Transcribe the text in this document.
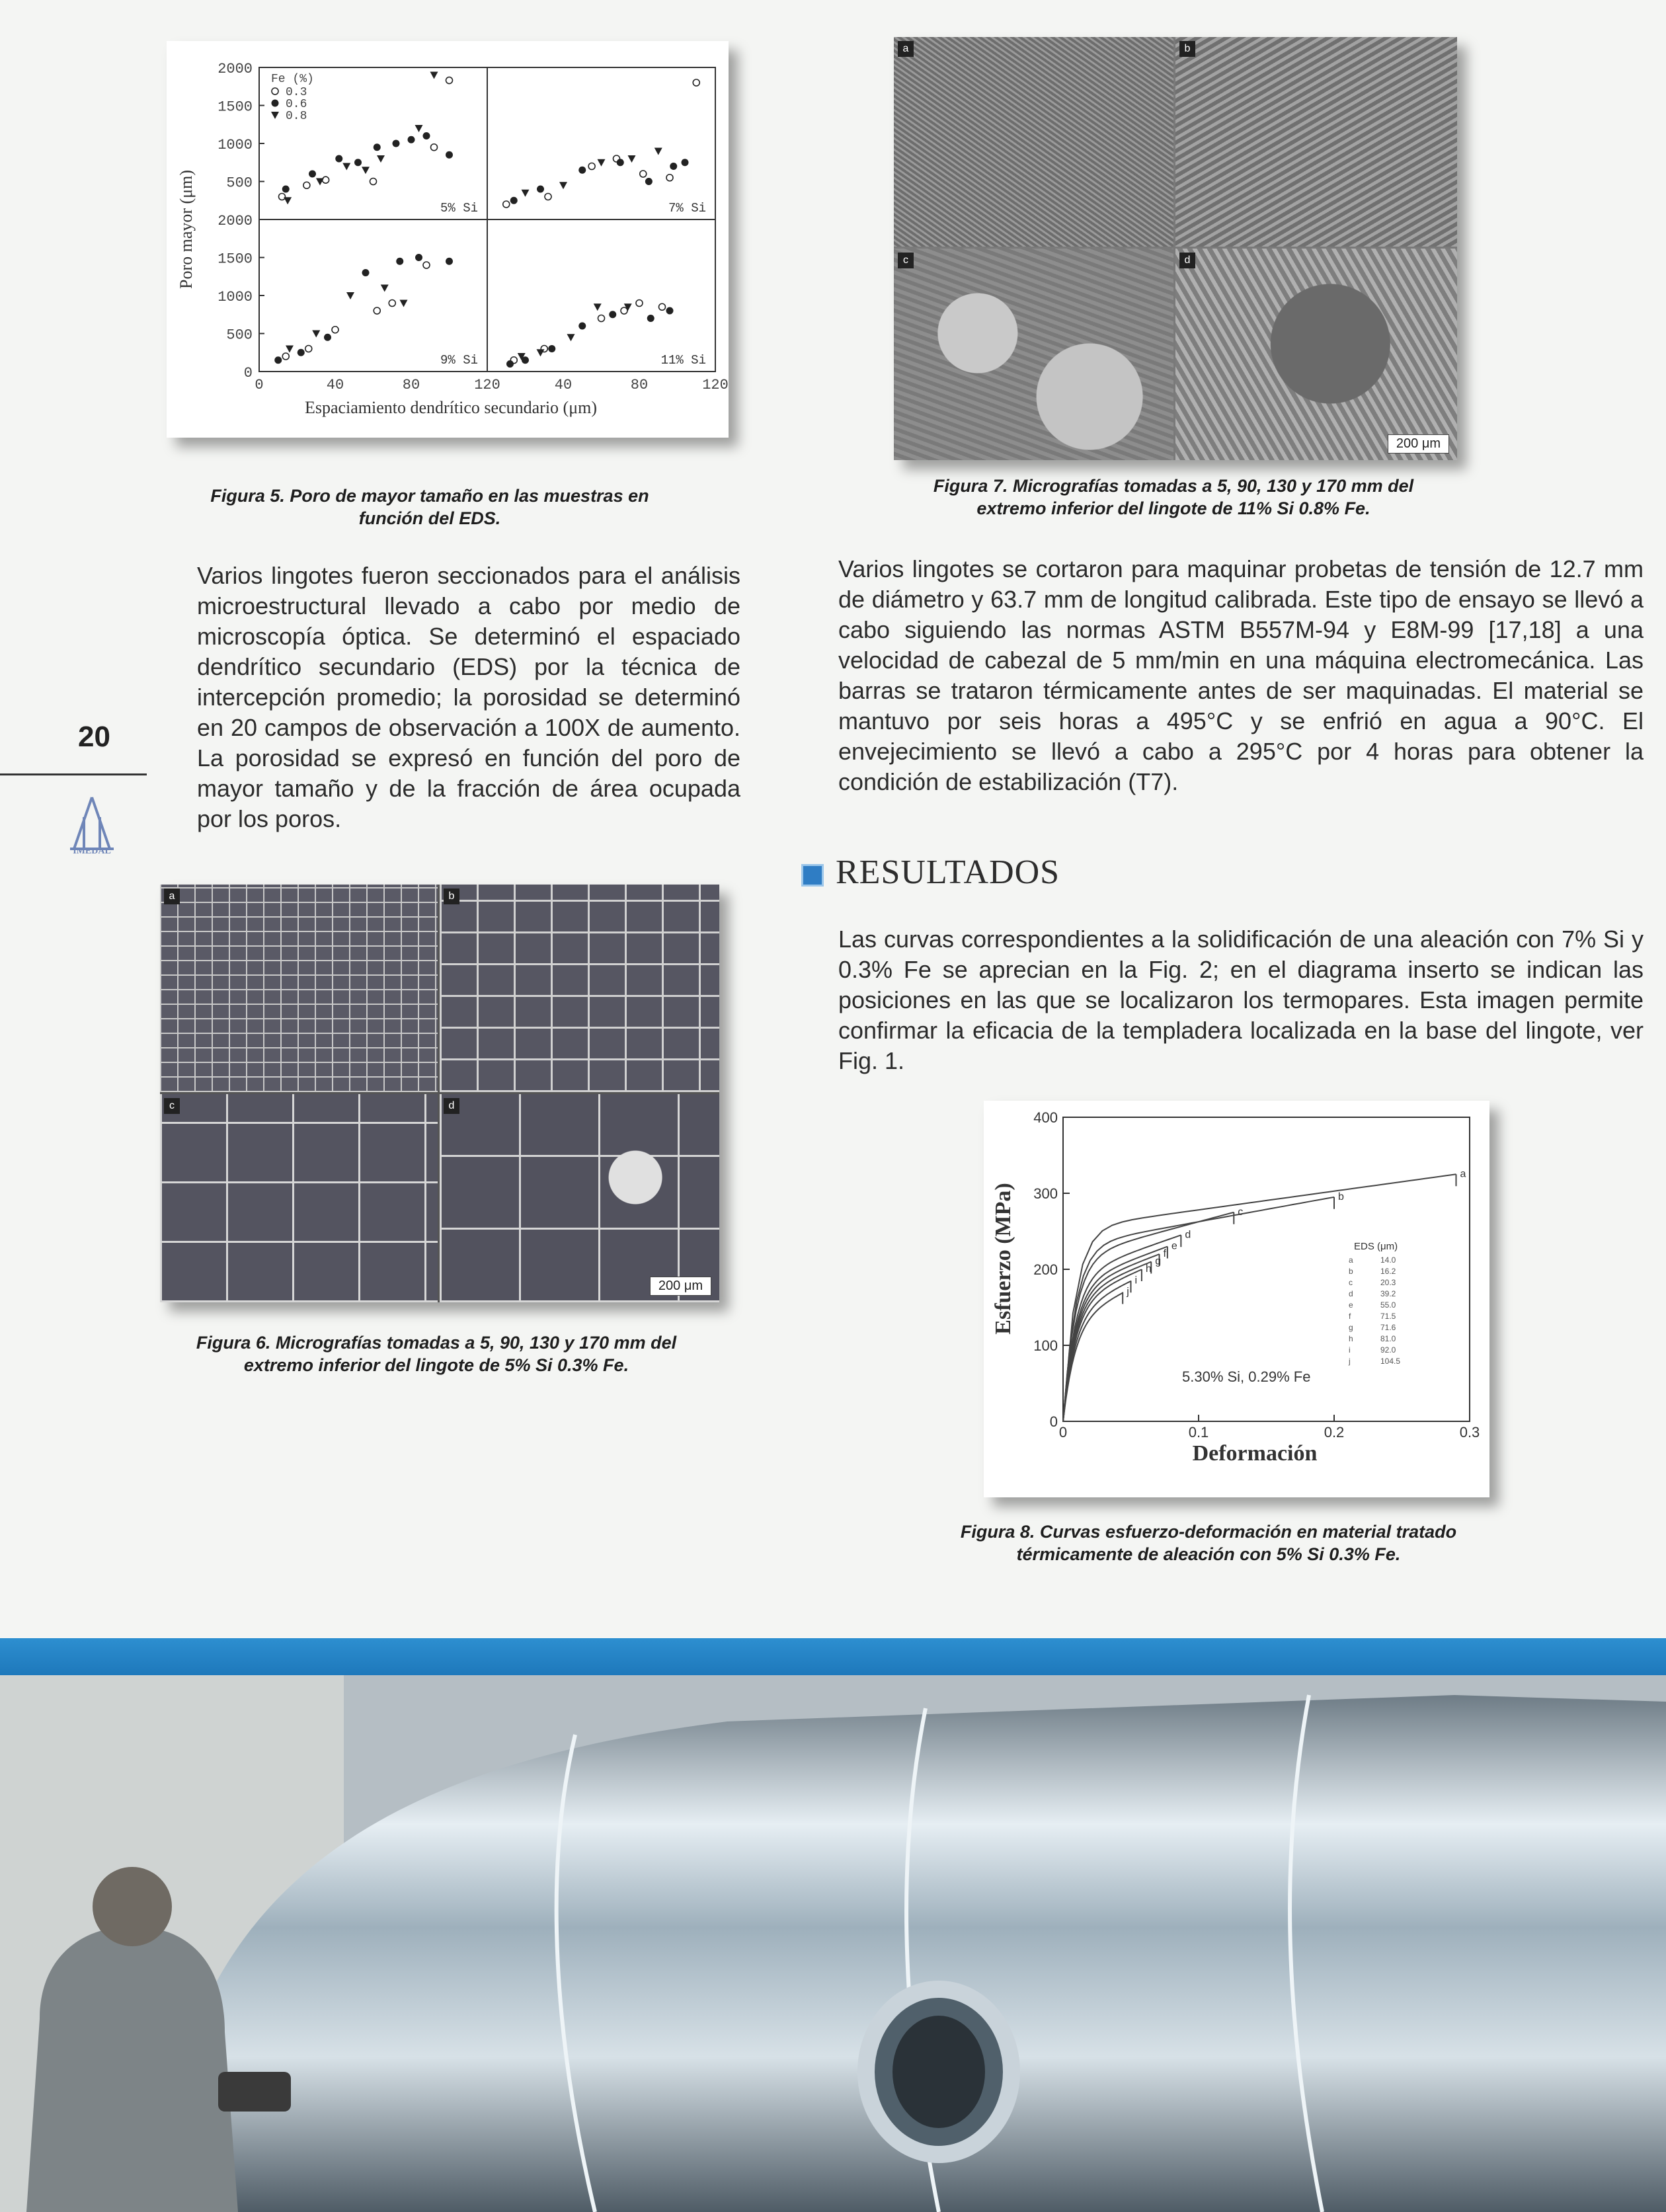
20
IMEDAL
2000
1500
1000
500
2000
1500
1000
500
0
0	40	80	120	40	80	120
Fe (%)
0.3
0.6
0.8
5% Si	7% Si
9% Si	11% Si
Poro mayor (μm)
Espaciamiento dendrítico secundario (μm)
Figura 5. Poro de mayor tamaño en las muestras en función del EDS.
a	b
c	d
200 μm
Figura 7. Micrografías tomadas a 5, 90, 130 y 170 mm del extremo inferior del lingote de 11% Si 0.8% Fe.
Varios lingotes fueron seccionados para el análisis microestructural llevado a cabo por medio de microscopía óptica. Se determinó el espaciado dendrítico secundario (EDS) por la técnica de intercepción promedio; la porosidad se determinó en 20 campos de observación a 100X de aumento. La porosidad se expresó en función del poro de mayor tamaño y de la fracción de área ocupada por los poros.
Varios lingotes se cortaron para maquinar probetas de tensión de 12.7 mm de diámetro y 63.7 mm de longitud calibrada. Este tipo de ensayo se llevó a cabo siguiendo las normas ASTM B557M-94 y E8M-99 [17,18] a una velocidad de cabezal de 5 mm/min en una máquina electromecánica. Las barras se trataron térmicamente antes de ser maquinadas. El material se mantuvo por seis horas a 495°C y se enfrió en agua a 90°C. El envejecimiento se llevó a cabo a 295°C por 4 horas para obtener la condición de estabilización (T7).
RESULTADOS
Las curvas correspondientes a la solidificación de una aleación con 7% Si y 0.3% Fe se aprecian en la Fig. 2; en el diagrama inserto se indican las posiciones en las que se localizaron los termopares. Esta imagen permite confirmar la eficacia de la templadera localizada en la base del lingote, ver Fig. 1.
a	b
c	d
200 μm
Figura 6. Micrografías tomadas a 5, 90, 130 y 170 mm del extremo inferior del lingote de 5% Si 0.3% Fe.
0
100
200
300
400
0	0.1	0.2	0.3
a
b
c
d
e
f
g
h
i
j
EDS (μm)
a	14.0
b	16.2
c	20.3
d	39.2
e	55.0
f	71.5
g	71.6
h	81.0
i	92.0
j	104.5
5.30% Si, 0.29% Fe
Esfuerzo (MPa)
Deformación
Figura 8. Curvas esfuerzo-deformación en material tratado térmicamente de aleación con 5% Si 0.3% Fe.
